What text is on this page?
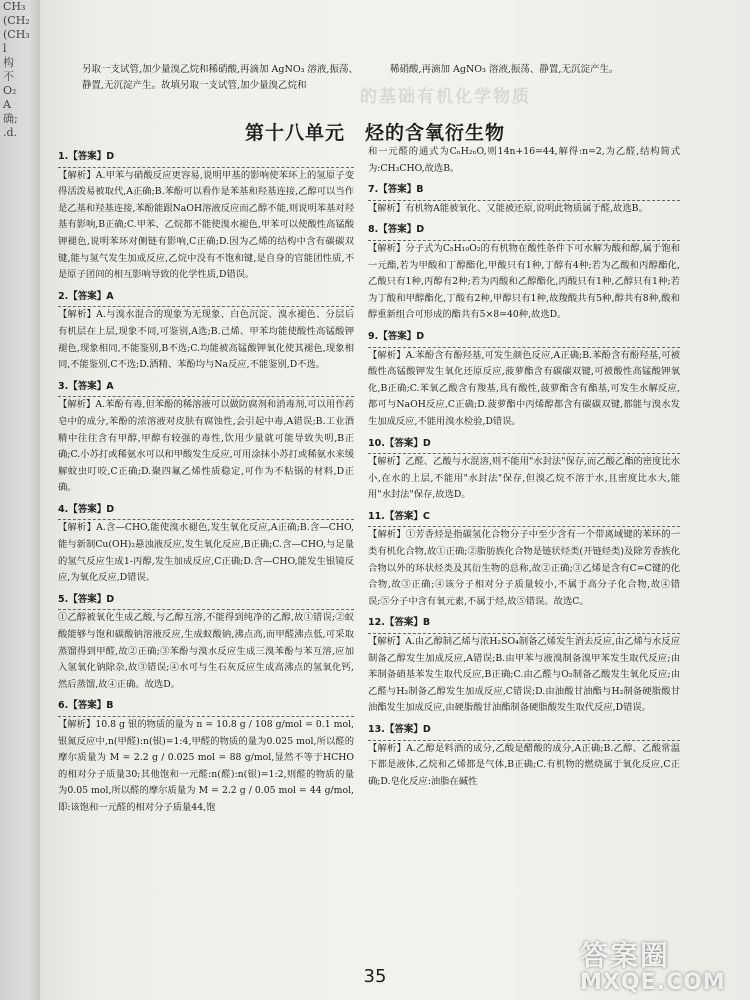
CH₃
(CH₂
(CH₃
l
构
不
O₂
A
确;
.d.
的基础有机化学物质
另取一支试管,加少量溴乙烷和稀硝酸,再滴加 AgNO₃ 溶液,振荡、静置,无沉淀产生。故填另取一支试管,加少量溴乙烷和
稀硝酸,再滴加 AgNO₃ 溶液,振荡、静置,无沉淀产生。
第十八单元　烃的含氧衍生物
1.【答案】D
【解析】A.甲苯与硝酸反应更容易,说明甲基的影响使苯环上的氢原子变得活泼易被取代,A正确;B.苯酚可以看作是苯基和羟基连接,乙醇可以当作是乙基和羟基连接,苯酚能跟NaOH溶液反应而乙醇不能,则说明苯基对羟基有影响,B正确;C.甲苯、乙烷都不能使溴水褪色,甲苯可以使酸性高锰酸钾褪色,说明苯环对侧链有影响,C正确;D.因为乙烯的结构中含有碳碳双键,能与氢气发生加成反应,乙烷中没有不饱和键,是自身的官能团性质,不是原子团间的相互影响导致的化学性质,D错误。
2.【答案】A
【解析】A.与溴水混合的现象为无现象、白色沉淀、溴水褪色、分层后有机层在上层,现象不同,可鉴别,A选;B.己烯、甲苯均能使酸性高锰酸钾褪色,现象相同,不能鉴别,B不选;C.均能被高锰酸钾氧化使其褪色,现象相同,不能鉴别,C不选;D.酒精、苯酚均与Na反应,不能鉴别,D不选。
3.【答案】A
【解析】A.苯酚有毒,但苯酚的稀溶液可以做防腐剂和消毒剂,可以用作药皂中的成分,苯酚的浓溶液对皮肤有腐蚀性,会引起中毒,A错误;B.工业酒精中往往含有甲醇,甲醇有较强的毒性,饮用少量就可能导致失明,B正确;C.小苏打或稀氨水可以和甲酸发生反应,可用涂抹小苏打或稀氨水来缓解蚊虫叮咬,C正确;D.聚四氟乙烯性质稳定,可作为不粘锅的材料,D正确。
4.【答案】D
【解析】A.含—CHO,能使溴水褪色,发生氧化反应,A正确;B.含—CHO,能与新制Cu(OH)₂悬浊液反应,发生氧化反应,B正确;C.含—CHO,与足量的氢气反应生成1-丙醇,发生加成反应,C正确;D.含—CHO,能发生银镜反应,为氧化反应,D错误。
5.【答案】D
①乙醇被氧化生成乙酸,与乙醇互溶,不能得到纯净的乙醇,故①错误;②蚁酸能够与饱和碳酸钠溶液反应,生成蚁酸钠,沸点高,而甲醛沸点低,可采取蒸馏得到甲醛,故②正确;③苯酚与溴水反应生成三溴苯酚与苯互溶,应加入氢氧化钠除杂,故③错误;④水可与生石灰反应生成高沸点的氢氧化钙,然后蒸馏,故④正确。故选D。
6.【答案】B
【解析】10.8 g 银的物质的量为 n = 10.8 g / 108 g/mol = 0.1 mol,银氮反应中,n(甲醛):n(银)=1:4,甲醛的物质的量为0.025 mol,所以醛的摩尔质量为 M = 2.2 g / 0.025 mol = 88 g/mol,显然不等于HCHO的相对分子质量30;其他饱和一元醛:n(醛):n(银)=1:2,则醛的物质的量为0.05 mol,所以醛的摩尔质量为 M = 2.2 g / 0.05 mol = 44 g/mol,即:该饱和一元醛的相对分子质量44,饱
和一元醛的通式为CₙH₂ₙO,则14n+16=44,解得:n=2,为乙醛,结构简式为:CH₃CHO,故选B。
7.【答案】B
【解析】有机物A能被氧化、又能被还原,说明此物质属于醛,故选B。
8.【答案】D
【解析】分子式为C₅H₁₀O₂的有机物在酸性条件下可水解为酸和醇,属于饱和一元酯,若为甲酸和丁醇酯化,甲酸只有1种,丁醇有4种;若为乙酸和丙醇酯化,乙酸只有1种,丙醇有2种;若为丙酸和乙醇酯化,丙酸只有1种,乙醇只有1种;若为丁酸和甲醇酯化,丁酸有2种,甲醇只有1种,故羧酸共有5种,醇共有8种,酸和醇重新组合可形成的酯共有5×8=40种,故选D。
9.【答案】D
【解析】A.苯酚含有酚羟基,可发生颜色反应,A正确;B.苯酚含有酚羟基,可被酸性高锰酸钾发生氧化还原反应,菠萝酯含有碳碳双键,可被酸性高锰酸钾氧化,B正确;C.苯氧乙酸含有羧基,具有酸性,菠萝酯含有酯基,可发生水解反应,都可与NaOH反应,C正确;D.菠萝酯中丙烯醇都含有碳碳双键,都能与溴水发生加成反应,不能用溴水检验,D错误。
10.【答案】D
【解析】乙醛、乙酸与水混溶,则不能用"水封法"保存,而乙酸乙酯的密度比水小,在水的上层,不能用"水封法"保存,但溴乙烷不溶于水,且密度比水大,能用"水封法"保存,故选D。
11.【答案】C
【解析】①芳香烃是指碳氢化合物分子中至少含有一个带离域键的苯环的一类有机化合物,故①正确;②脂肪族化合物是链状烃类(开链烃类)及除芳香族化合物以外的环状烃类及其衍生物的总称,故②正确;③乙烯是含有C=C键的化合物,故③正确;④该分子相对分子质量较小,不属于高分子化合物,故④错误;⑤分子中含有氧元素,不属于烃,故⑤错误。故选C。
12.【答案】B
【解析】A.由乙醇制乙烯与浓H₂SO₄制备乙烯发生消去反应,由乙烯与水反应制备乙醇发生加成反应,A错误;B.由甲苯与液溴制备溴甲苯发生取代反应;由苯制备硝基苯发生取代反应,B正确;C.由乙醛与O₂制备乙酸发生氧化反应;由乙醛与H₂制备乙醇发生加成反应,C错误;D.由油酸甘油酯与H₂制备硬脂酸甘油酯发生加成反应,由硬脂酸甘油酯制备硬脂酸发生取代反应,D错误。
13.【答案】D
【解析】A.乙醇是料酒的成分,乙酸是醋酸的成分,A正确;B.乙醇、乙酸常温下都是液体,乙烷和乙烯都是气体,B正确;C.有机物的燃烧属于氧化反应,C正确;D.皂化反应:油脂在碱性
35
答案圈
MXQE.COM
